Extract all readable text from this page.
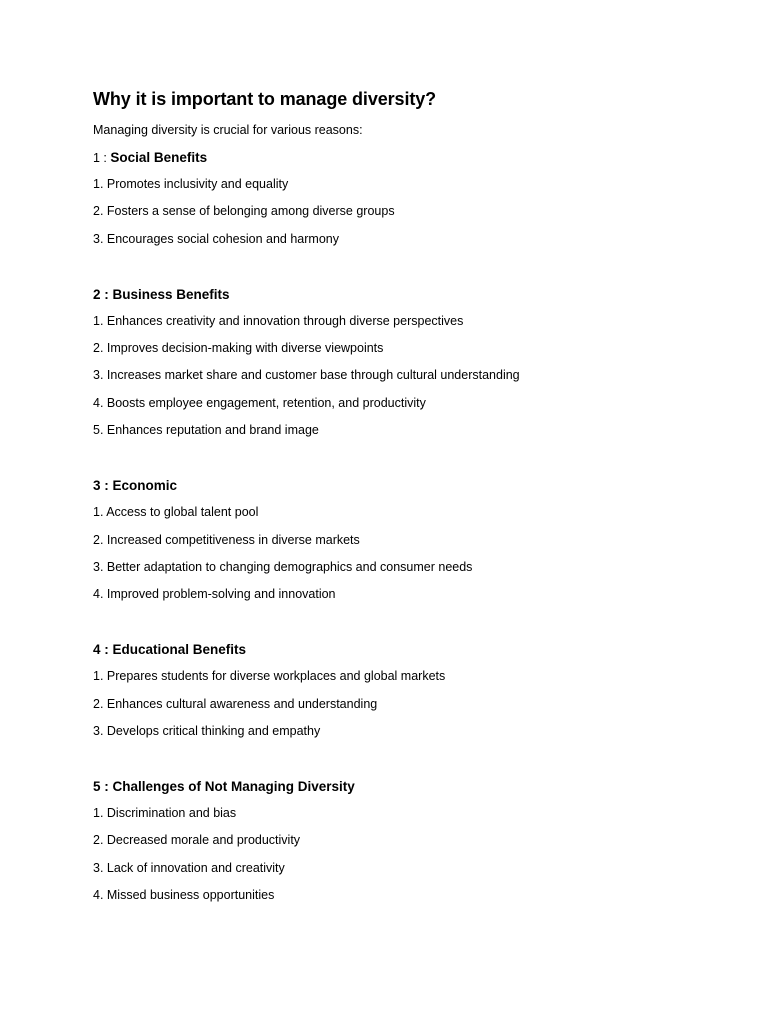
Why it is important to manage diversity?

Managing diversity is crucial for various reasons:

1 : Social Benefits
1. Promotes inclusivity and equality
2. Fosters a sense of belonging among diverse groups
3. Encourages social cohesion and harmony
2 : Business Benefits
1. Enhances creativity and innovation through diverse perspectives
2. Improves decision-making with diverse viewpoints
3. Increases market share and customer base through cultural understanding
4. Boosts employee engagement, retention, and productivity
5. Enhances reputation and brand image
3 : Economic
1. Access to global talent pool
2. Increased competitiveness in diverse markets
3. Better adaptation to changing demographics and consumer needs
4. Improved problem-solving and innovation
4 : Educational Benefits
1. Prepares students for diverse workplaces and global markets
2. Enhances cultural awareness and understanding
3. Develops critical thinking and empathy
5 : Challenges of Not Managing Diversity
1. Discrimination and bias
2. Decreased morale and productivity
3. Lack of innovation and creativity
4. Missed business opportunities
